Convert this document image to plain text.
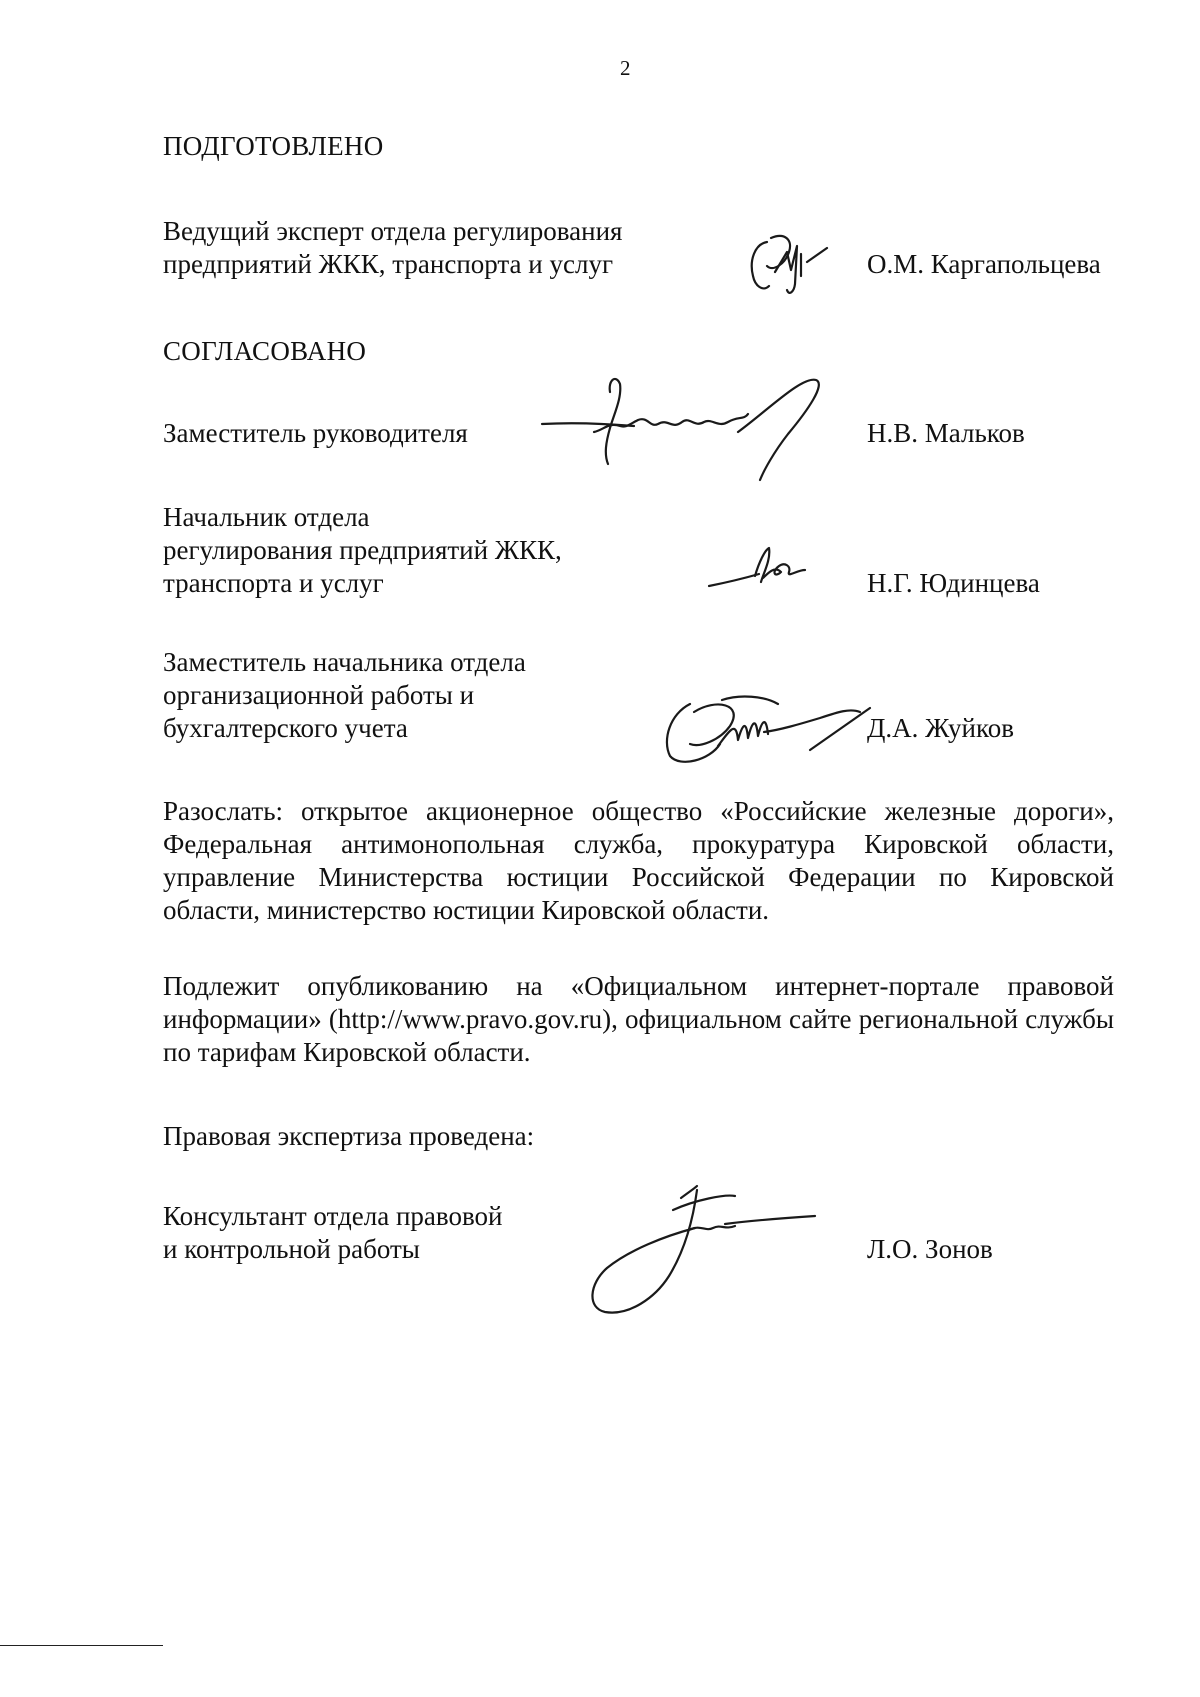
2
ПОДГОТОВЛЕНО
Ведущий эксперт отдела регулирования
предприятий ЖКК, транспорта и услуг	О.М. Каргапольцева
СОГЛАСОВАНО
Заместитель руководителя	Н.В. Мальков
Начальник отдела
регулирования предприятий ЖКК,
транспорта и услуг	Н.Г. Юдинцева
Заместитель начальника отдела
организационной работы и
бухгалтерского учета	Д.А. Жуйков

Разослать: открытое акционерное общество «Российские железные дороги», Федеральная антимонопольная служба, прокуратура Кировской области, управление Министерства юстиции Российской Федерации по Кировской области, министерство юстиции Кировской области.

Подлежит опубликованию на «Официальном интернет-портале правовой информации» (http://www.pravo.gov.ru), официальном сайте региональной службы по тарифам Кировской области.

Правовая экспертиза проведена:
Консультант отдела правовой
и контрольной работы	Л.О. Зонов
